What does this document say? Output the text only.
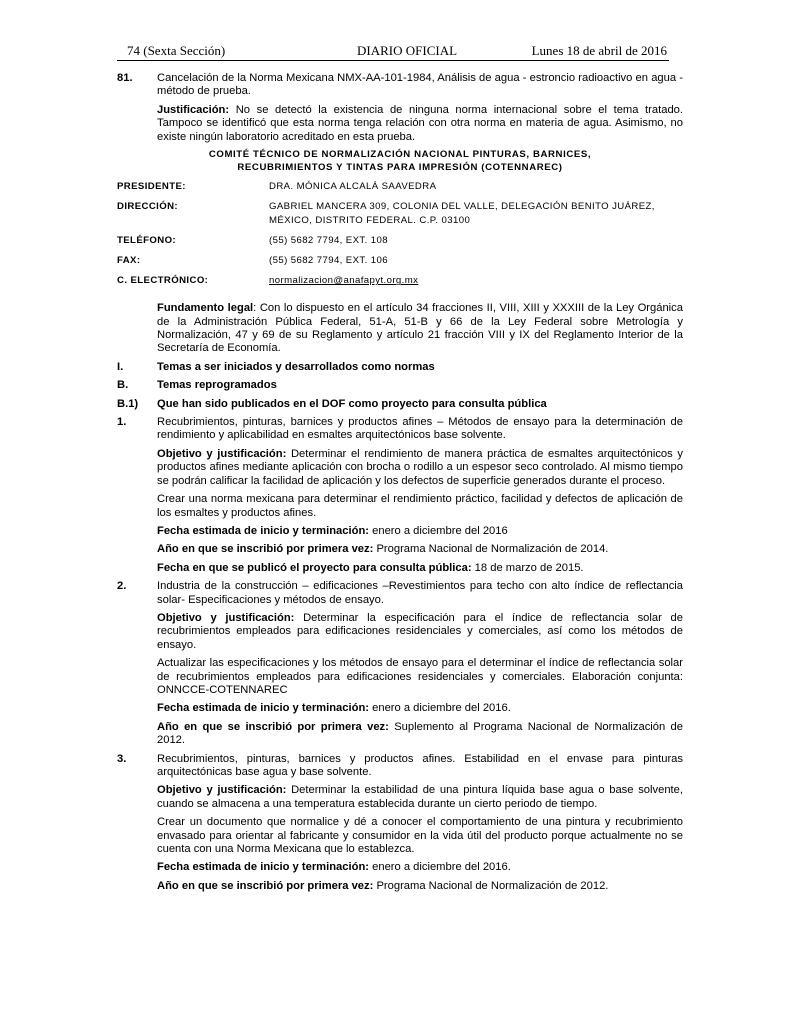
74 (Sexta Sección)	DIARIO OFICIAL	Lunes 18 de abril de 2016
81.	Cancelación de la Norma Mexicana NMX-AA-101-1984, Análisis de agua - estroncio radioactivo en agua - método de prueba.
Justificación: No se detectó la existencia de ninguna norma internacional sobre el tema tratado. Tampoco se identificó que esta norma tenga relación con otra norma en materia de agua. Asimismo, no existe ningún laboratorio acreditado en esta prueba.
COMITÉ TÉCNICO DE NORMALIZACIÓN NACIONAL PINTURAS, BARNICES,
RECUBRIMIENTOS Y TINTAS PARA IMPRESIÓN (COTENNAREC)
PRESIDENTE:	DRA. MÓNICA ALCALÁ SAAVEDRA
DIRECCIÓN:	GABRIEL MANCERA 309, COLONIA DEL VALLE, DELEGACIÓN BENITO JUÁREZ, MÉXICO, DISTRITO FEDERAL. C.P. 03100
TELÉFONO:	(55) 5682 7794, EXT. 108
FAX:	(55) 5682 7794, EXT. 106
C. ELECTRÓNICO:	normalizacion@anafapyt.org.mx
Fundamento legal: Con lo dispuesto en el artículo 34 fracciones II, VIII, XIII y XXXIII de la Ley Orgánica de la Administración Pública Federal, 51-A, 51-B y 66 de la Ley Federal sobre Metrología y Normalización, 47 y 69 de su Reglamento y artículo 21 fracción VIII y IX del Reglamento Interior de la Secretaría de Economía.
I.	Temas a ser iniciados y desarrollados como normas
B.	Temas reprogramados
B.1)	Que han sido publicados en el DOF como proyecto para consulta pública
1.	Recubrimientos, pinturas, barnices y productos afines – Métodos de ensayo para la determinación de rendimiento y aplicabilidad en esmaltes arquitectónicos base solvente.
Objetivo y justificación: Determinar el rendimiento de manera práctica de esmaltes arquitectónicos y productos afines mediante aplicación con brocha o rodillo a un espesor seco controlado. Al mismo tiempo se podrán calificar la facilidad de aplicación y los defectos de superficie generados durante el proceso.
Crear una norma mexicana para determinar el rendimiento práctico, facilidad y defectos de aplicación de los esmaltes y productos afines.
Fecha estimada de inicio y terminación: enero a diciembre del 2016
Año en que se inscribió por primera vez: Programa Nacional de Normalización de 2014.
Fecha en que se publicó el proyecto para consulta pública: 18 de marzo de 2015.
2.	Industria de la construcción – edificaciones –Revestimientos para techo con alto índice de reflectancia solar- Especificaciones y métodos de ensayo.
Objetivo y justificación: Determinar la especificación para el índice de reflectancia solar de recubrimientos empleados para edificaciones residenciales y comerciales, así como los métodos de ensayo.
Actualizar las especificaciones y los métodos de ensayo para el determinar el índice de reflectancia solar de recubrimientos empleados para edificaciones residenciales y comerciales. Elaboración conjunta: ONNCCE-COTENNAREC
Fecha estimada de inicio y terminación: enero a diciembre del 2016.
Año en que se inscribió por primera vez: Suplemento al Programa Nacional de Normalización de 2012.
3.	Recubrimientos, pinturas, barnices y productos afines. Estabilidad en el envase para pinturas arquitectónicas base agua y base solvente.
Objetivo y justificación: Determinar la estabilidad de una pintura líquida base agua o base solvente, cuando se almacena a una temperatura establecida durante un cierto periodo de tiempo.
Crear un documento que normalice y dé a conocer el comportamiento de una pintura y recubrimiento envasado para orientar al fabricante y consumidor en la vida útil del producto porque actualmente no se cuenta con una Norma Mexicana que lo establezca.
Fecha estimada de inicio y terminación: enero a diciembre del 2016.
Año en que se inscribió por primera vez: Programa Nacional de Normalización de 2012.
